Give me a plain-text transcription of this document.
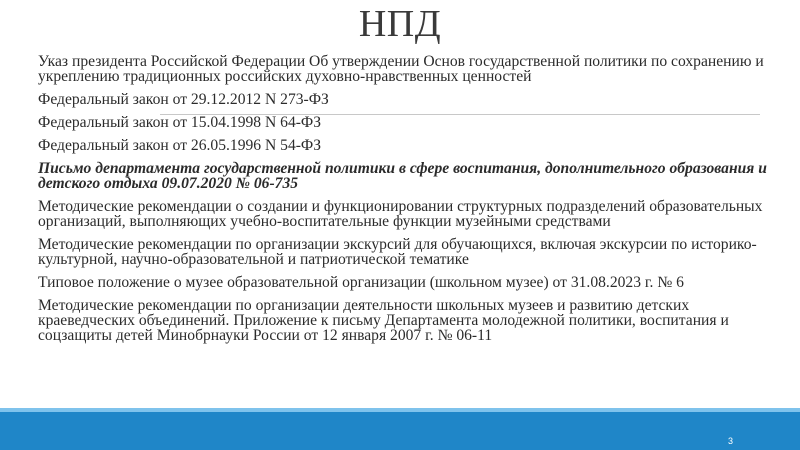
НПД
Указ президента Российской Федерации Об утверждении Основ государственной политики по сохранению и укреплению традиционных российских духовно-нравственных ценностей
Федеральный закон от 29.12.2012 N 273-ФЗ
Федеральный закон от 15.04.1998 N 64-ФЗ
Федеральный закон от 26.05.1996 N 54-ФЗ
Письмо департамента государственной политики в сфере воспитания, дополнительного образования и детского отдыха 09.07.2020 № 06-735
Методические рекомендации о создании и функционировании структурных подразделений образовательных организаций, выполняющих учебно-воспитательные функции музейными средствами
Методические рекомендации по организации экскурсий для обучающихся, включая экскурсии по историко-культурной, научно-образовательной и патриотической тематике
Типовое положение о музее образовательной организации (школьном музее) от 31.08.2023 г. № 6
Методические рекомендации по организации деятельности школьных музеев и развитию детских краеведческих объединений. Приложение к письму Департамента молодежной политики, воспитания и соцзащиты детей Минобрнауки России от 12 января 2007 г. № 06-11
3
